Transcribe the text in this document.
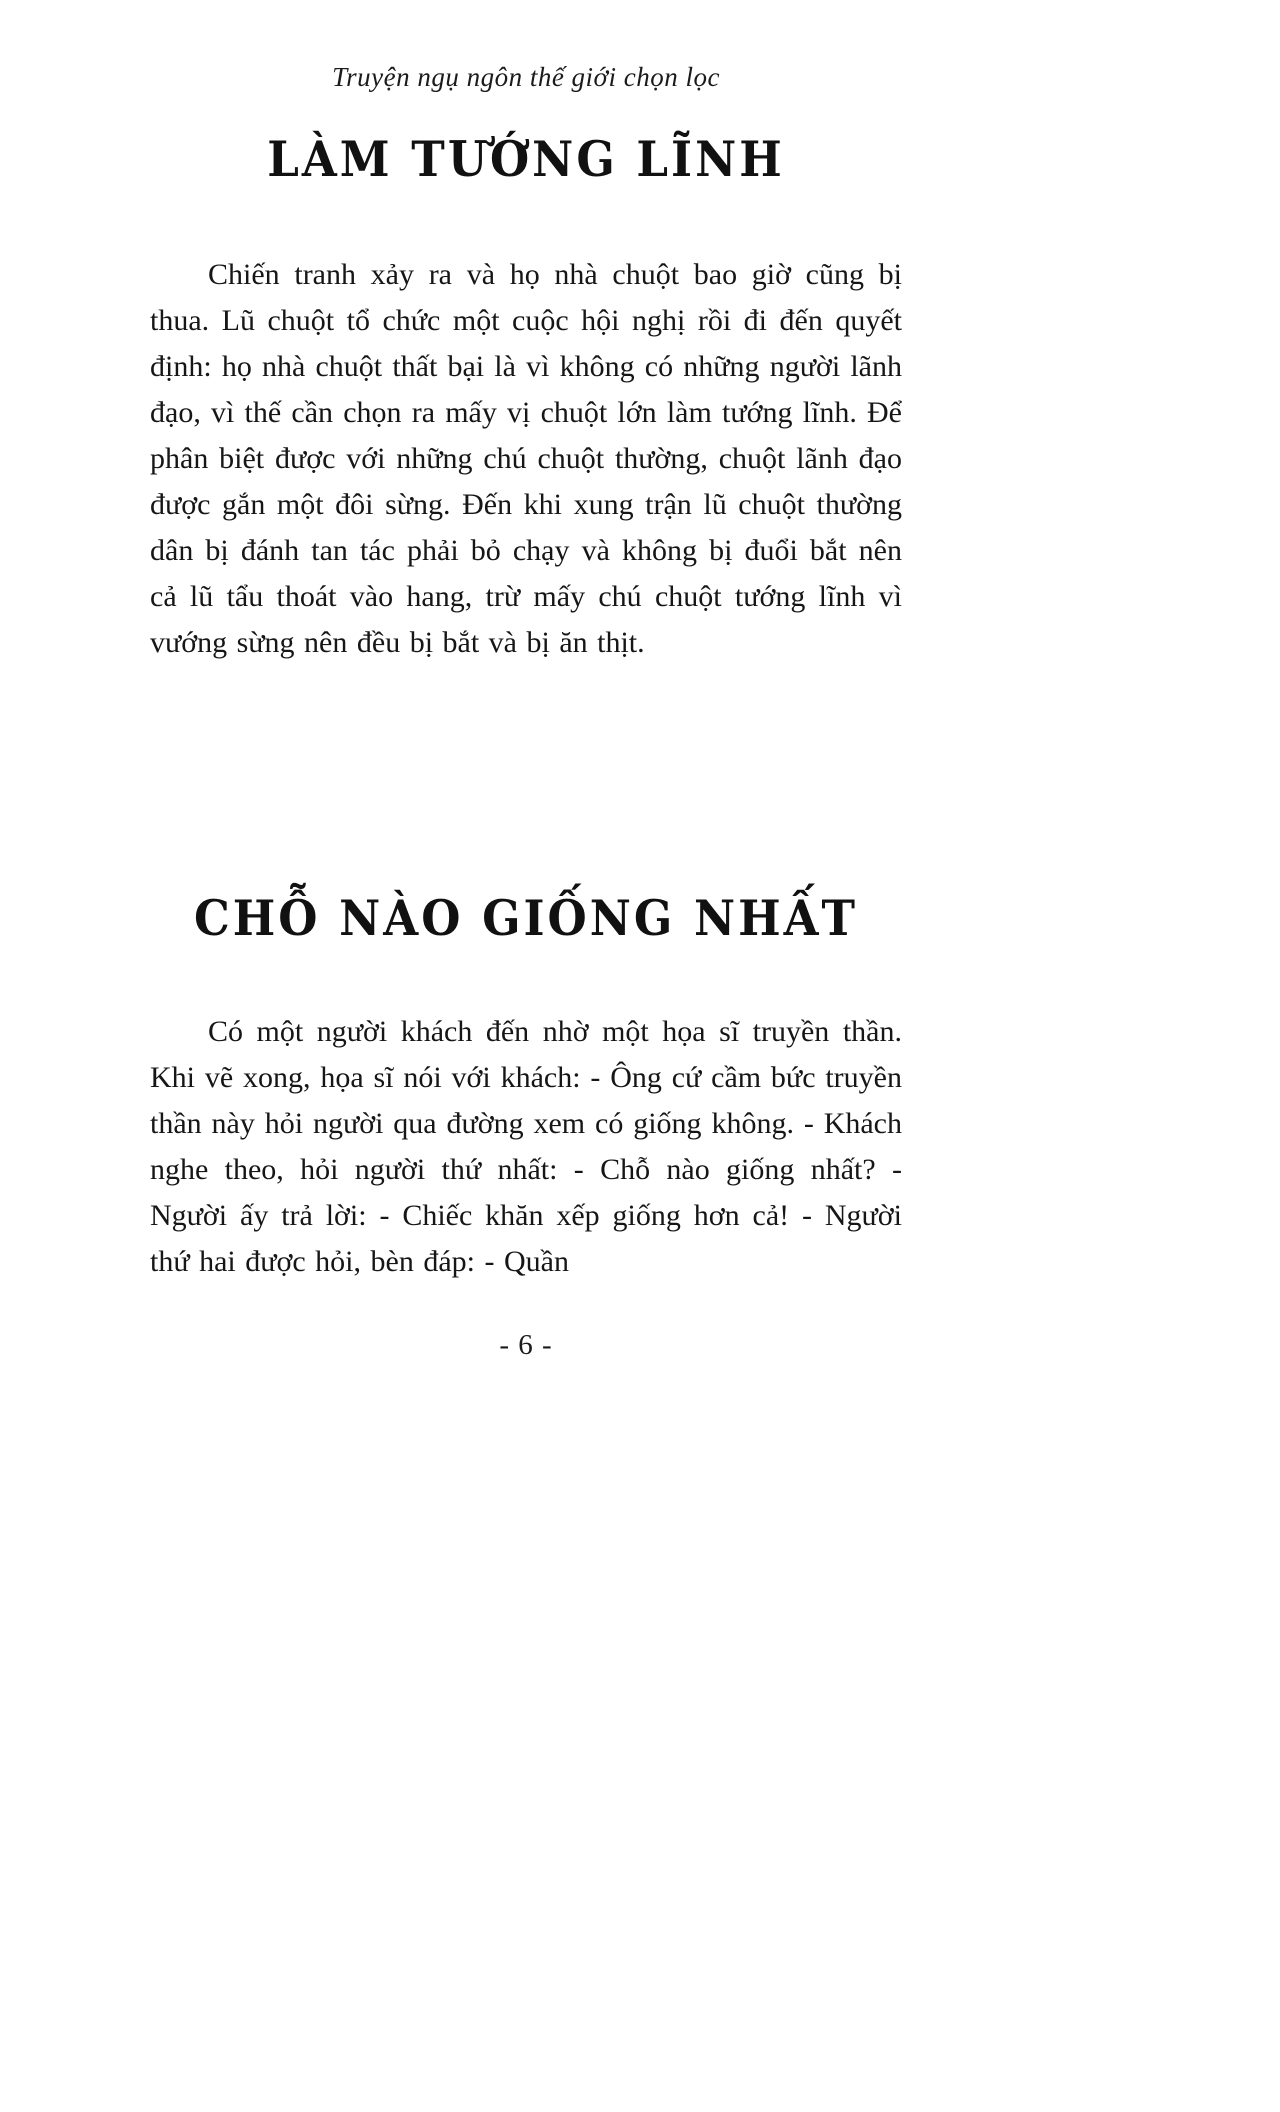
Truyện ngụ ngôn thế giới chọn lọc
LÀM TƯỚNG LĨNH

Chiến tranh xảy ra và họ nhà chuột bao giờ cũng bị thua. Lũ chuột tổ chức một cuộc hội nghị rồi đi đến quyết định: họ nhà chuột thất bại là vì không có những người lãnh đạo, vì thế cần chọn ra mấy vị chuột lớn làm tướng lĩnh. Để phân biệt được với những chú chuột thường, chuột lãnh đạo được gắn một đôi sừng. Đến khi xung trận lũ chuột thường dân bị đánh tan tác phải bỏ chạy và không bị đuổi bắt nên cả lũ tẩu thoát vào hang, trừ mấy chú chuột tướng lĩnh vì vướng sừng nên đều bị bắt và bị ăn thịt.

CHỖ NÀO GIỐNG NHẤT

Có một người khách đến nhờ một họa sĩ truyền thần. Khi vẽ xong, họa sĩ nói với khách: - Ông cứ cầm bức truyền thần này hỏi người qua đường xem có giống không. - Khách nghe theo, hỏi người thứ nhất: - Chỗ nào giống nhất? - Người ấy trả lời: - Chiếc khăn xếp giống hơn cả! - Người thứ hai được hỏi, bèn đáp: - Quần

- 6 -
